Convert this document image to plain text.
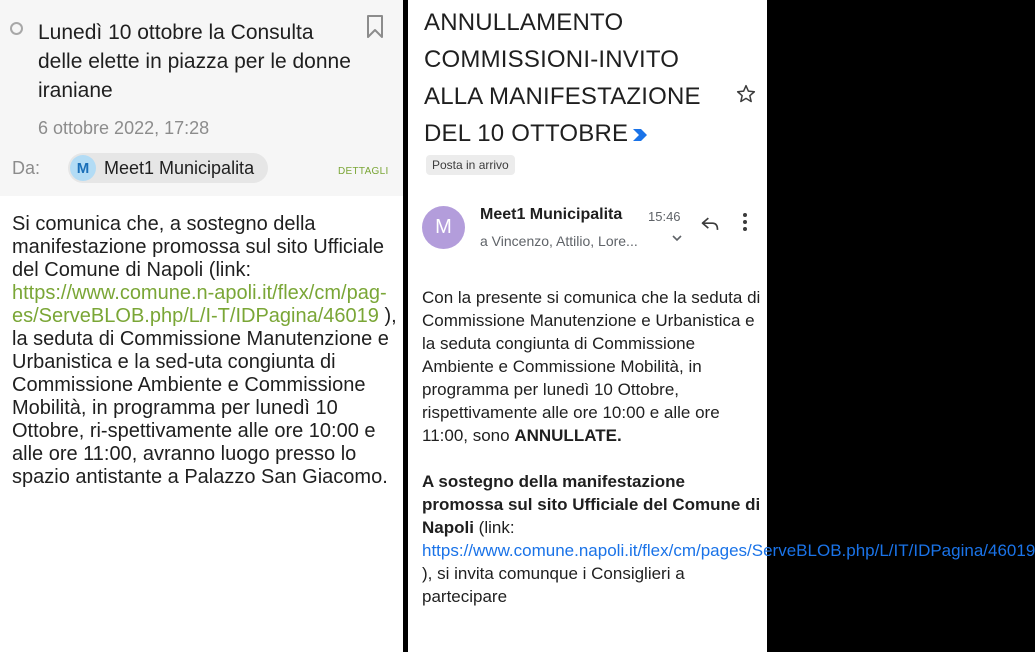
Lunedì 10 ottobre la Consulta delle elette in piazza per le donne iraniane
6 ottobre 2022, 17:28
Da:	M Meet1 Municipalita	DETTAGLI
Si comunica che, a sostegno della manifestazione promossa sul sito Ufficiale del Comune di Napoli (link: https://www.comune.n-apoli.it/flex/cm/pag-es/ServeBLOB.php/L/I-T/IDPagina/46019 ), la seduta di Commissione Manutenzione e Urbanistica e la sed-uta congiunta di Commissione Ambiente e Commissione Mobilità, in programma per lunedì 10 Ottobre, ri-spettivamente alle ore 10:00 e alle ore 11:00, avranno luogo presso lo spazio antistante a Palazzo San Giacomo.
ANNULLAMENTO COMMISSIONI-INVITO ALLA MANIFESTAZIONE DEL 10 OTTOBRE
Posta in arrivo
M
Meet1 Municipalita 15:46
a Vincenzo, Attilio, Lore...
Con la presente si comunica che la seduta di Commissione Manutenzione e Urbanistica e la seduta congiunta di Commissione Ambiente e Commissione Mobilità, in programma per lunedì 10 Ottobre, rispettivamente alle ore 10:00 e alle ore 11:00, sono ANNULLATE.
A sostegno della manifestazione promossa sul sito Ufficiale del Comune di Napoli (link: https://www.comune.napoli.it/flex/cm/pages/ServeBLOB.php/L/IT/IDPagina/46019 ), si invita comunque i Consiglieri a partecipare
